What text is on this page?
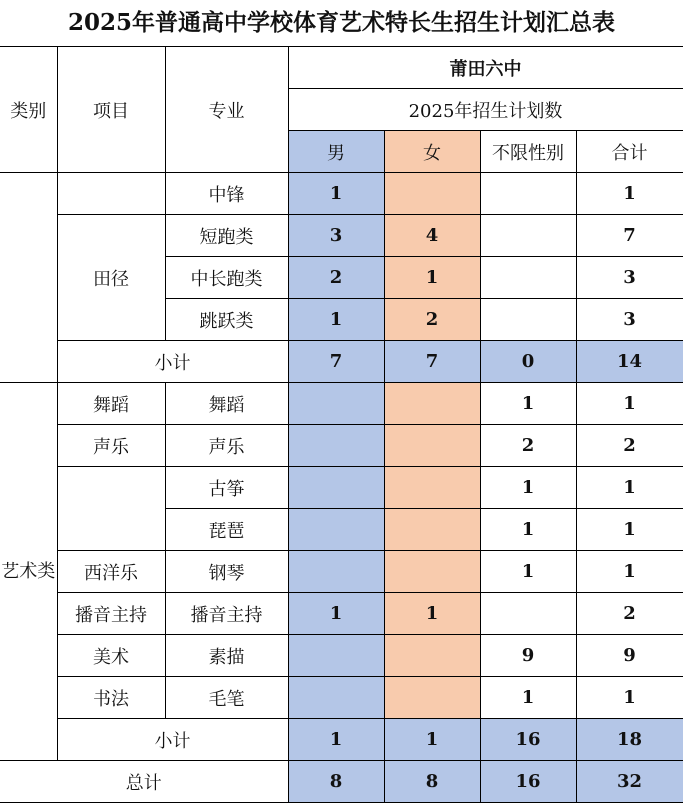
2025年普通高中学校体育艺术特长生招生计划汇总表
类别	项目	专业	莆田六中			
			2025年招生计划数			
			男	女	不限性别	合计
		中锋	1			1
	田径	短跑类	3	4		7
		中长跑类	2	1		3
		跳跃类	1	2		3
	小计		7	7	0	14
艺术类	舞蹈	舞蹈			1	1
	声乐	声乐			2	2
		古筝			1	1
		琵琶			1	1
	西洋乐	钢琴			1	1
	播音主持	播音主持	1	1		2
	美术	素描			9	9
	书法	毛笔			1	1
	小计		1	1	16	18
总计			8	8	16	32
